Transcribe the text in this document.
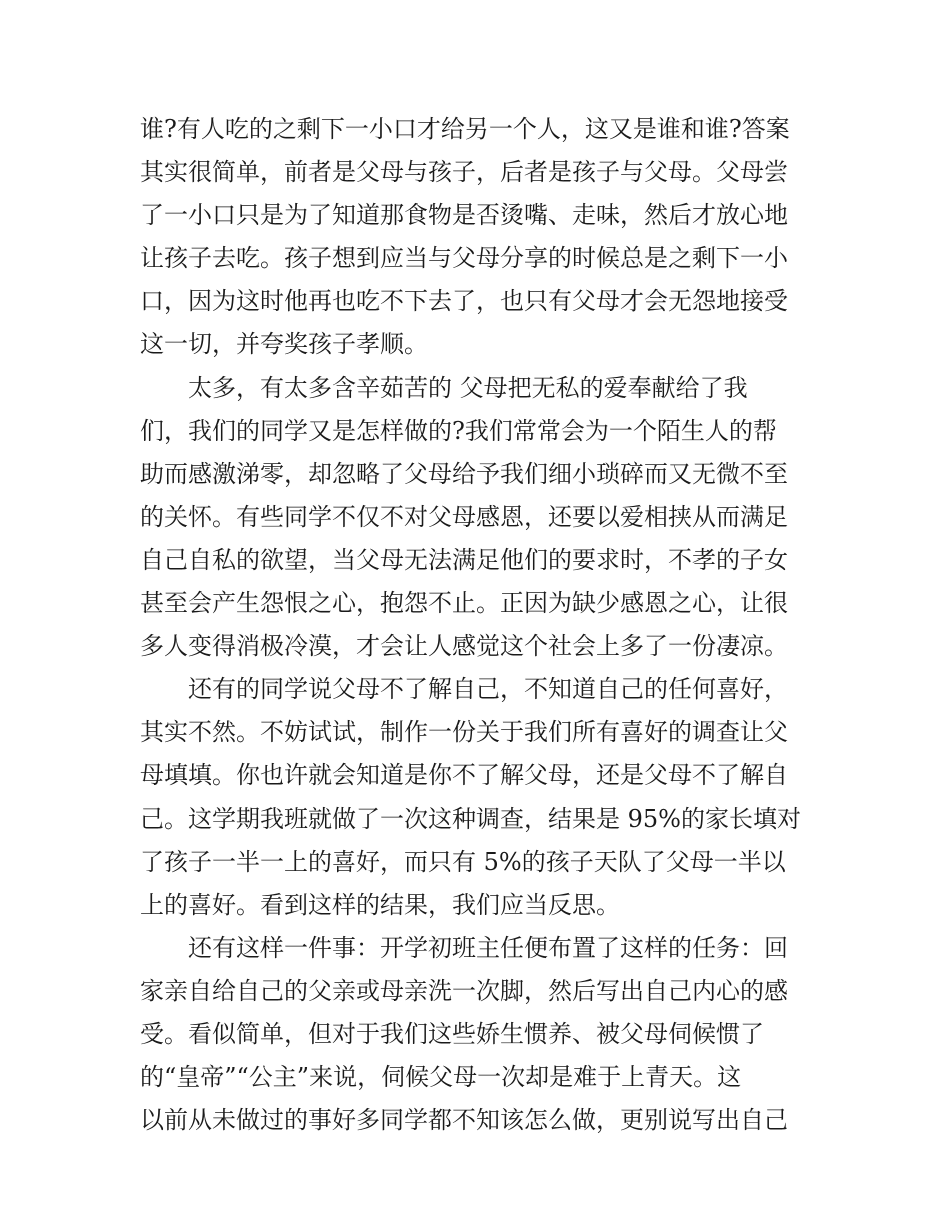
谁?有人吃的之剩下一小口才给另一个人，这又是谁和谁?答案
其实很简单，前者是父母与孩子，后者是孩子与父母。父母尝
了一小口只是为了知道那食物是否烫嘴、走味，然后才放心地
让孩子去吃。孩子想到应当与父母分享的时候总是之剩下一小
口，因为这时他再也吃不下去了，也只有父母才会无怨地接受
这一切，并夸奖孩子孝顺。
太多，有太多含辛茹苦的 父母把无私的爱奉献给了我
们，我们的同学又是怎样做的?我们常常会为一个陌生人的帮
助而感激涕零，却忽略了父母给予我们细小琐碎而又无微不至
的关怀。有些同学不仅不对父母感恩，还要以爱相挟从而满足
自己自私的欲望，当父母无法满足他们的要求时，不孝的子女
甚至会产生怨恨之心，抱怨不止。正因为缺少感恩之心，让很
多人变得消极冷漠，才会让人感觉这个社会上多了一份凄凉。
还有的同学说父母不了解自己，不知道自己的任何喜好，
其实不然。不妨试试，制作一份关于我们所有喜好的调查让父
母填填。你也许就会知道是你不了解父母，还是父母不了解自
己。这学期我班就做了一次这种调查，结果是 95%的家长填对
了孩子一半一上的喜好，而只有 5%的孩子天队了父母一半以
上的喜好。看到这样的结果，我们应当反思。
还有这样一件事：开学初班主任便布置了这样的任务：回
家亲自给自己的父亲或母亲洗一次脚，然后写出自己内心的感
受。看似简单，但对于我们这些娇生惯养、被父母伺候惯了
的“皇帝”“公主”来说，伺候父母一次却是难于上青天。这
以前从未做过的事好多同学都不知该怎么做，更别说写出自己
